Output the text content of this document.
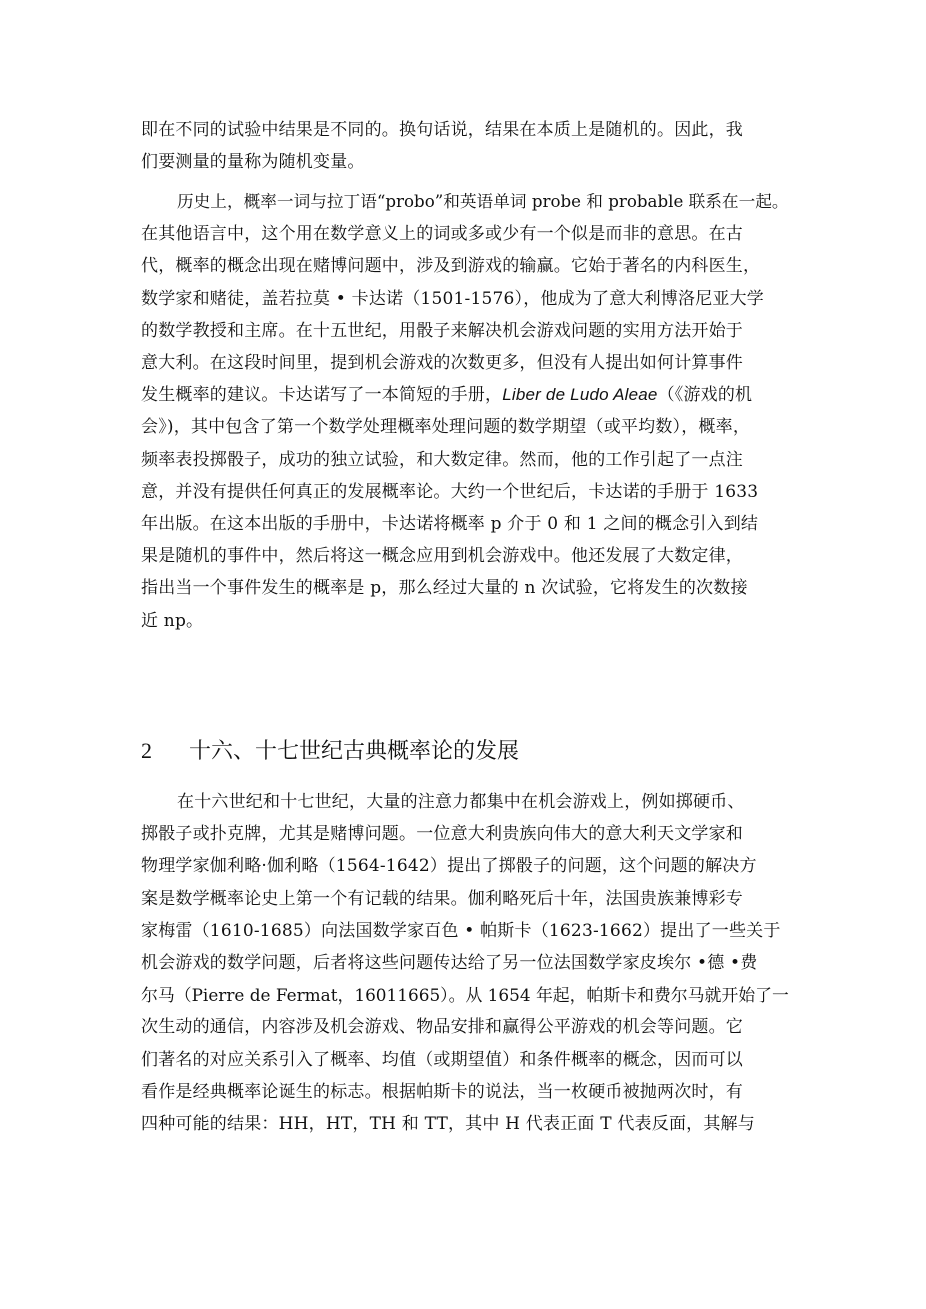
即在不同的试验中结果是不同的。换句话说，结果在本质上是随机的。因此，我
们要测量的量称为随机变量。

历史上，概率一词与拉丁语“probo”和英语单词 probe 和 probable 联系在一起。
在其他语言中，这个用在数学意义上的词或多或少有一个似是而非的意思。在古
代，概率的概念出现在赌博问题中，涉及到游戏的输赢。它始于著名的内科医生，
数学家和赌徒，盖若拉莫 • 卡达诺（1501-1576），他成为了意大利博洛尼亚大学
的数学教授和主席。在十五世纪，用骰子来解决机会游戏问题的实用方法开始于
意大利。在这段时间里，提到机会游戏的次数更多，但没有人提出如何计算事件
发生概率的建议。卡达诺写了一本简短的手册，Liber de Ludo Aleae（《游戏的机
会》)，其中包含了第一个数学处理概率处理问题的数学期望（或平均数），概率，
频率表投掷骰子，成功的独立试验，和大数定律。然而，他的工作引起了一点注
意，并没有提供任何真正的发展概率论。大约一个世纪后，卡达诺的手册于 1633
年出版。在这本出版的手册中，卡达诺将概率 p 介于 0 和 1 之间的概念引入到结
果是随机的事件中，然后将这一概念应用到机会游戏中。他还发展了大数定律，
指出当一个事件发生的概率是 p，那么经过大量的 n 次试验，它将发生的次数接
近 np。

2 十六、十七世纪古典概率论的发展

在十六世纪和十七世纪，大量的注意力都集中在机会游戏上，例如掷硬币、
掷骰子或扑克牌，尤其是赌博问题。一位意大利贵族向伟大的意大利天文学家和
物理学家伽利略·伽利略（1564-1642）提出了掷骰子的问题，这个问题的解决方
案是数学概率论史上第一个有记载的结果。伽利略死后十年，法国贵族兼博彩专
家梅雷（1610-1685）向法国数学家百色 • 帕斯卡（1623-1662）提出了一些关于
机会游戏的数学问题，后者将这些问题传达给了另一位法国数学家皮埃尔 •德 •费
尔马（Pierre de Fermat，16011665）。从 1654 年起，帕斯卡和费尔马就开始了一
次生动的通信，内容涉及机会游戏、物品安排和赢得公平游戏的机会等问题。它
们著名的对应关系引入了概率、均值（或期望值）和条件概率的概念，因而可以
看作是经典概率论诞生的标志。根据帕斯卡的说法，当一枚硬币被抛两次时，有
四种可能的结果：HH，HT，TH 和 TT，其中 H 代表正面 T 代表反面，其解与
